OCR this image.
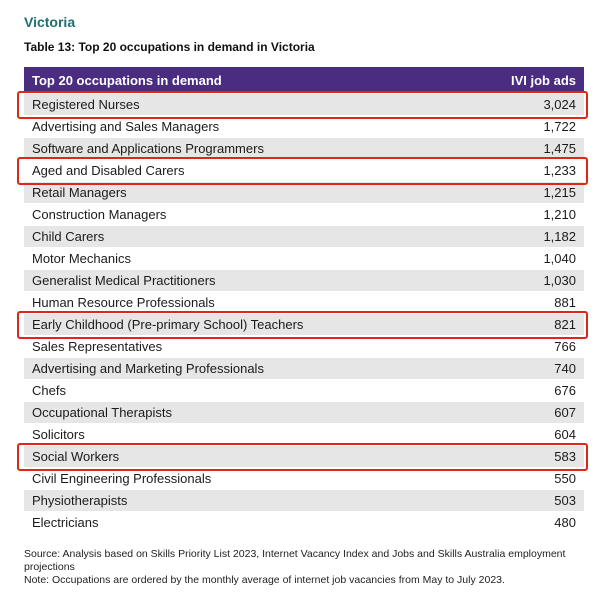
Victoria
Table 13: Top 20 occupations in demand in Victoria
Top 20 occupations in demand	IVI job ads
Registered Nurses	3,024
Advertising and Sales Managers	1,722
Software and Applications Programmers	1,475
Aged and Disabled Carers	1,233
Retail Managers	1,215
Construction Managers	1,210
Child Carers	1,182
Motor Mechanics	1,040
Generalist Medical Practitioners	1,030
Human Resource Professionals	881
Early Childhood (Pre-primary School) Teachers	821
Sales Representatives	766
Advertising and Marketing Professionals	740
Chefs	676
Occupational Therapists	607
Solicitors	604
Social Workers	583
Civil Engineering Professionals	550
Physiotherapists	503
Electricians	480

Source: Analysis based on Skills Priority List 2023, Internet Vacancy Index and Jobs and Skills Australia employment projections

Note: Occupations are ordered by the monthly average of internet job vacancies from May to July 2023.
